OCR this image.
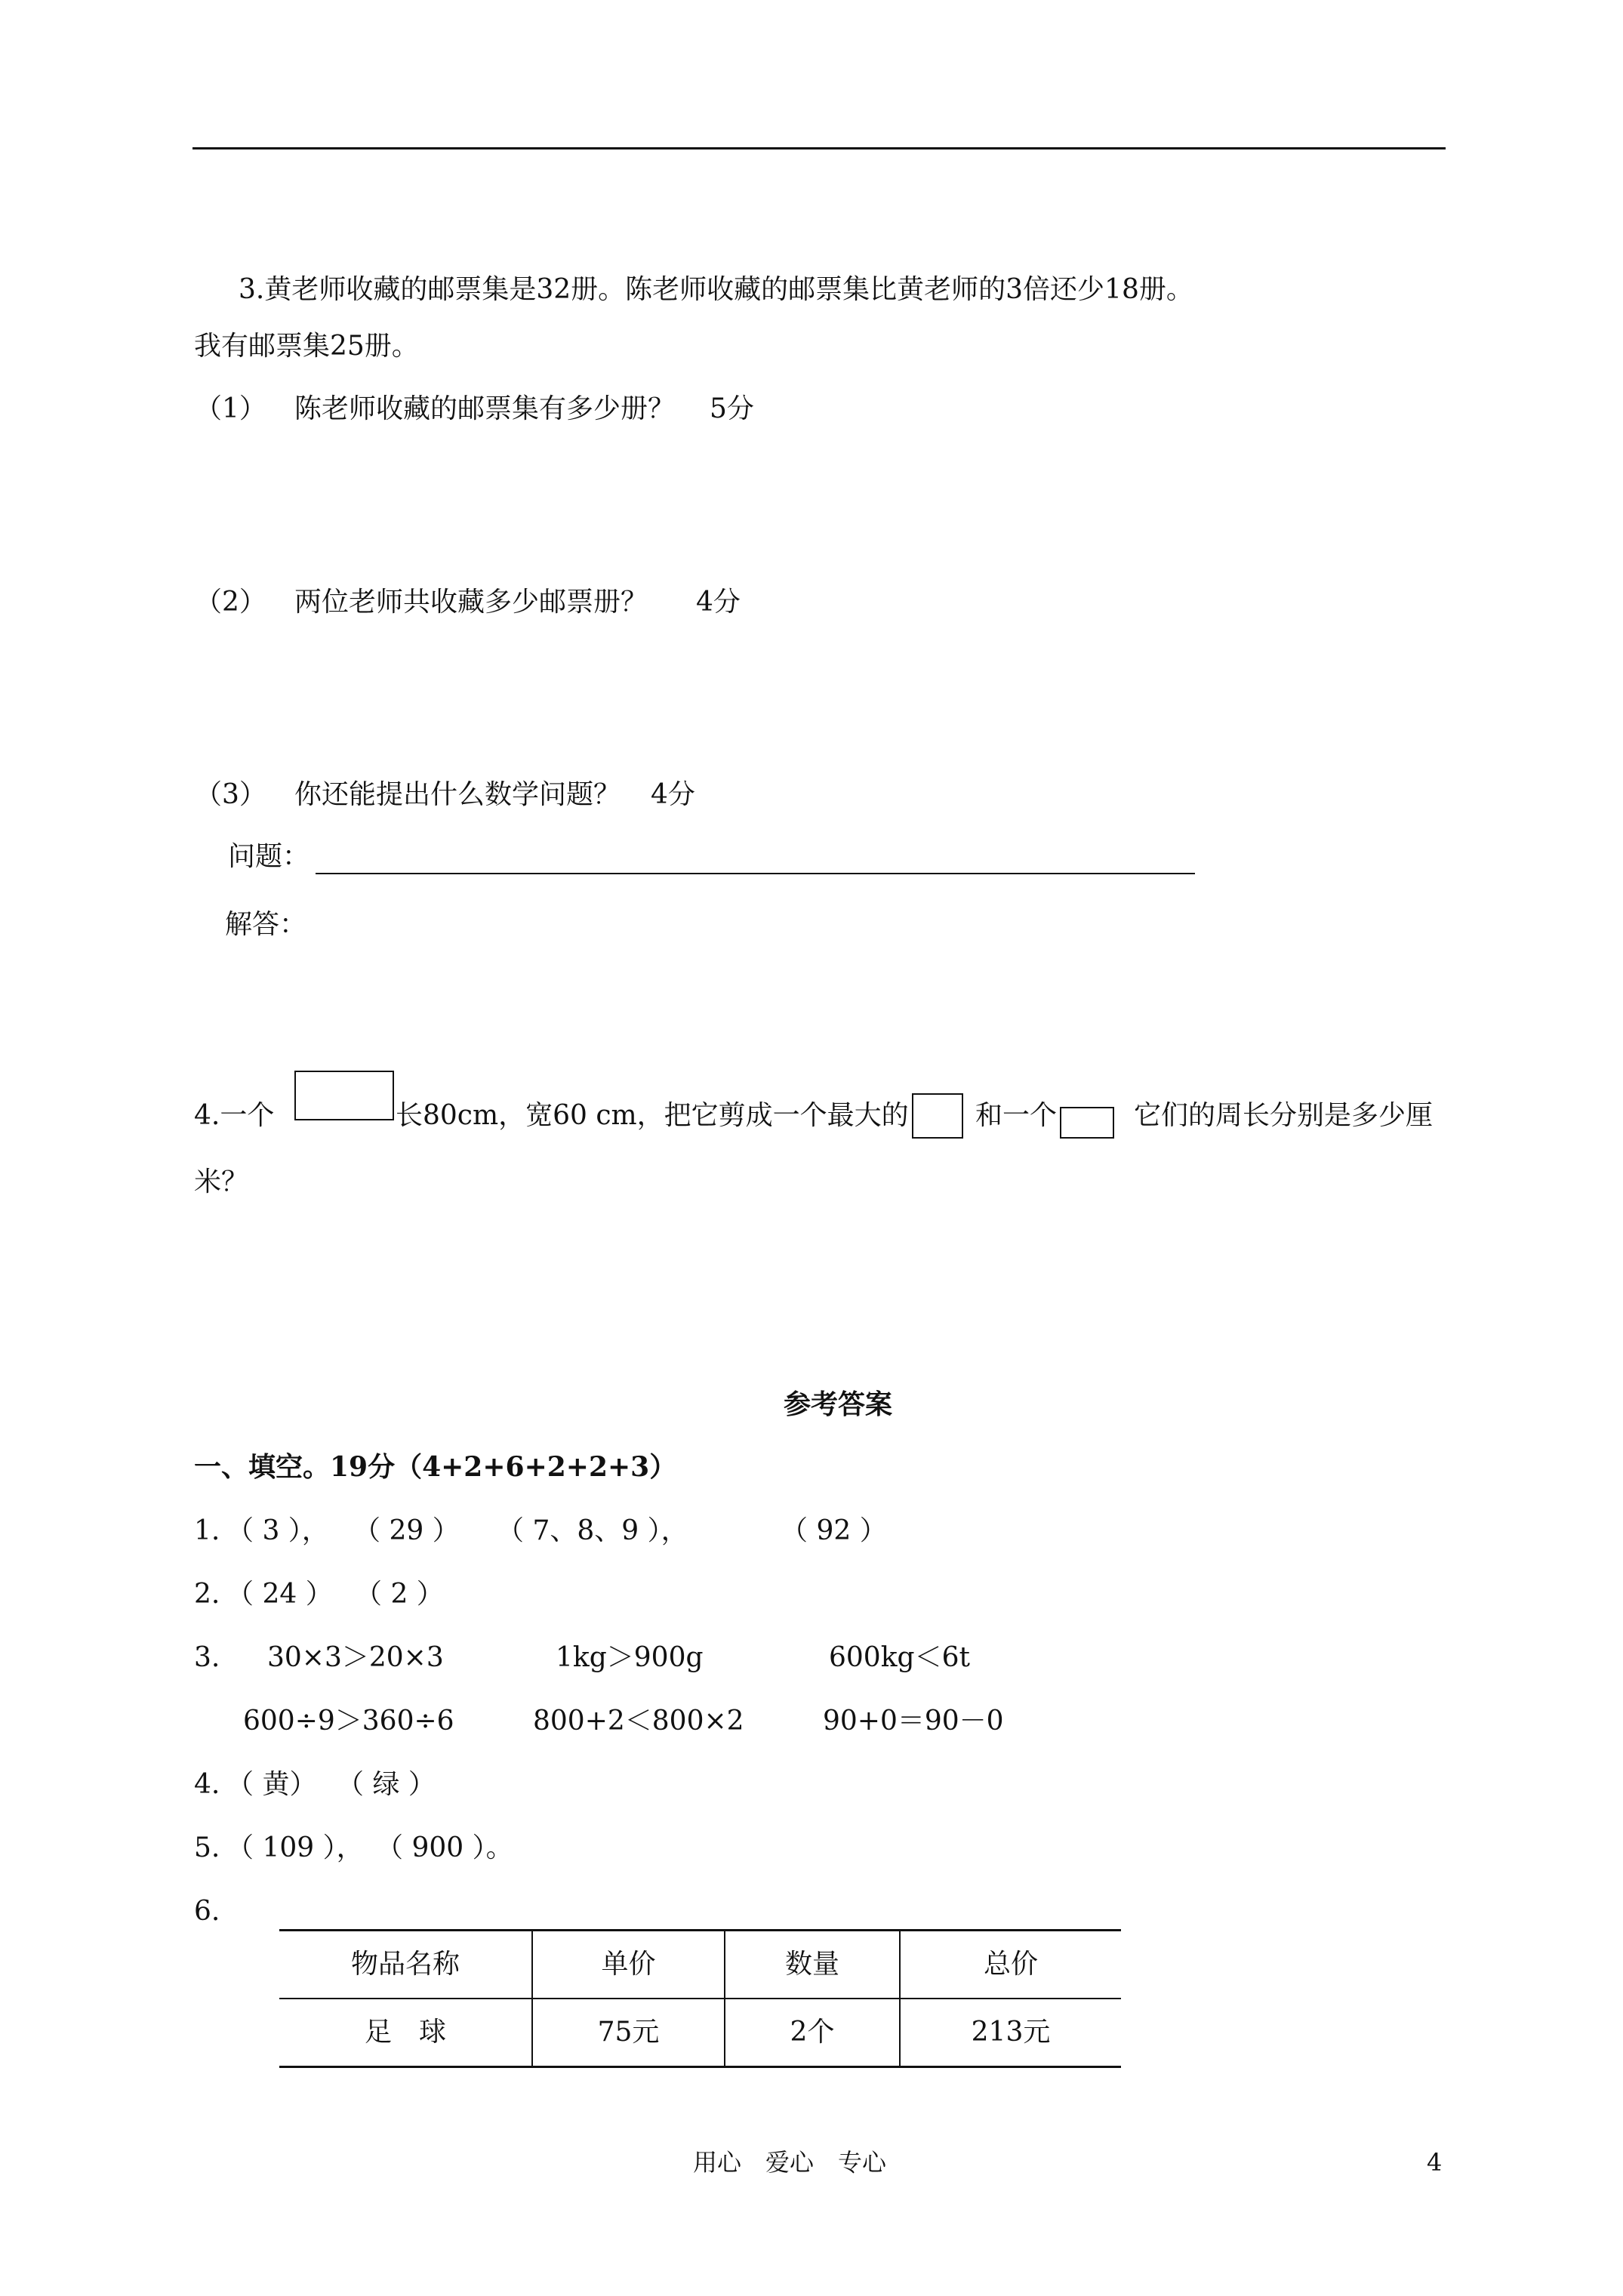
3.黄老师收藏的邮票集是32册。陈老师收藏的邮票集比黄老师的3倍还少18册。
我有邮票集25册。
（1） 陈老师收藏的邮票集有多少册？ 5分
（2） 两位老师共收藏多少邮票册？ 4分
（3） 你还能提出什么数学问题？ 4分
问题：
解答：
4.一个	长80cm，宽60 cm，把它剪成一个最大的 和一个	它们的周长分别是多少厘
米？
参考答案
一、填空。19分（4+2+6+2+2+3）
1. （ 3 ）， （ 29 ） （ 7、8、9 ），	（ 92 ）
2. （ 24 ） （ 2 ）
3. 30×3＞20×3	1kg＞900g	600kg＜6t
600÷9＞360÷6	800+2＜800×2	90+0＝90－0
4. （ 黄） （ 绿 ）
5. （ 109 ）， （ 900 ）。
6.
物品名称	单价	数量	总价
足　球	75元	2个	213元
用心　爱心　专心	4
